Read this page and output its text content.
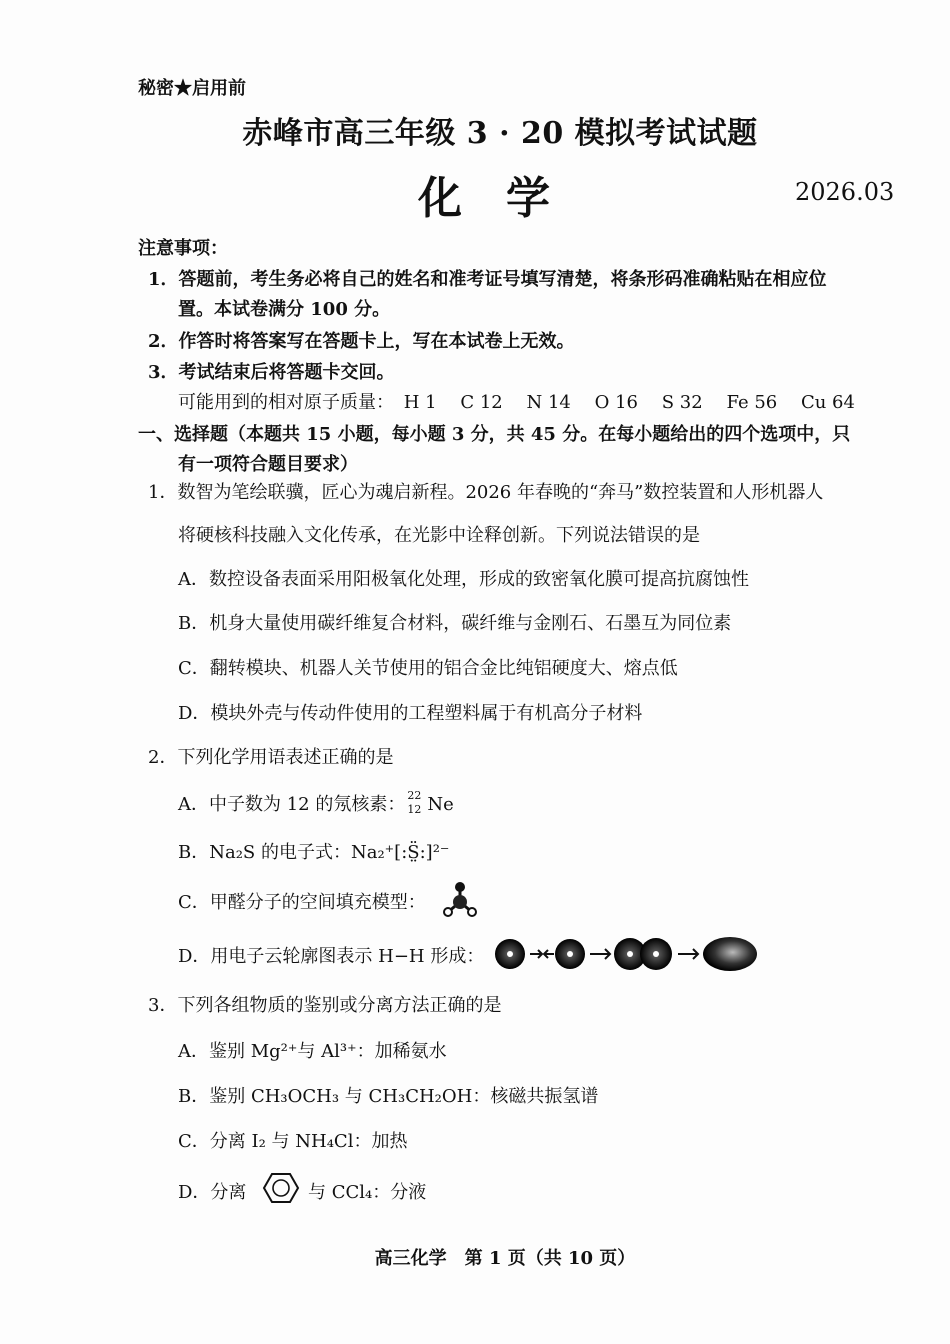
秘密★启用前
赤峰市高三年级 3 · 20 模拟考试试题
化学	2026.03
注意事项：
1．答题前，考生务必将自己的姓名和准考证号填写清楚，将条形码准确粘贴在相应位
置。本试卷满分 100 分。
2．作答时将答案写在答题卡上，写在本试卷上无效。
3．考试结束后将答题卡交回。
可能用到的相对原子质量： H 1 C 12 N 14 O 16 S 32 Fe 56 Cu 64
一、选择题（本题共 15 小题，每小题 3 分，共 45 分。在每小题给出的四个选项中，只
有一项符合题目要求）
1．数智为笔绘联骥，匠心为魂启新程。2026 年春晚的“奔马”数控装置和人形机器人
将硬核科技融入文化传承，在光影中诠释创新。下列说法错误的是
A．数控设备表面采用阳极氧化处理，形成的致密氧化膜可提高抗腐蚀性
B．机身大量使用碳纤维复合材料，碳纤维与金刚石、石墨互为同位素
C．翻转模块、机器人关节使用的铝合金比纯铝硬度大、熔点低
D．模块外壳与传动件使用的工程塑料属于有机高分子材料
2．下列化学用语表述正确的是
A．中子数为 12 的氖核素： 22
12 Ne
B．Na₂S 的电子式：Na₂⁺[:S̤̈:]²⁻
C．甲醛分子的空间填充模型：
D．用电子云轮廓图表示 H−H 形成：
3．下列各组物质的鉴别或分离方法正确的是
A．鉴别 Mg²⁺与 Al³⁺：加稀氨水
B．鉴别 CH₃OCH₃ 与 CH₃CH₂OH：核磁共振氢谱
C．分离 I₂ 与 NH₄Cl：加热
D．分离	与 CCl₄：分液
高三化学　第 1 页（共 10 页）
